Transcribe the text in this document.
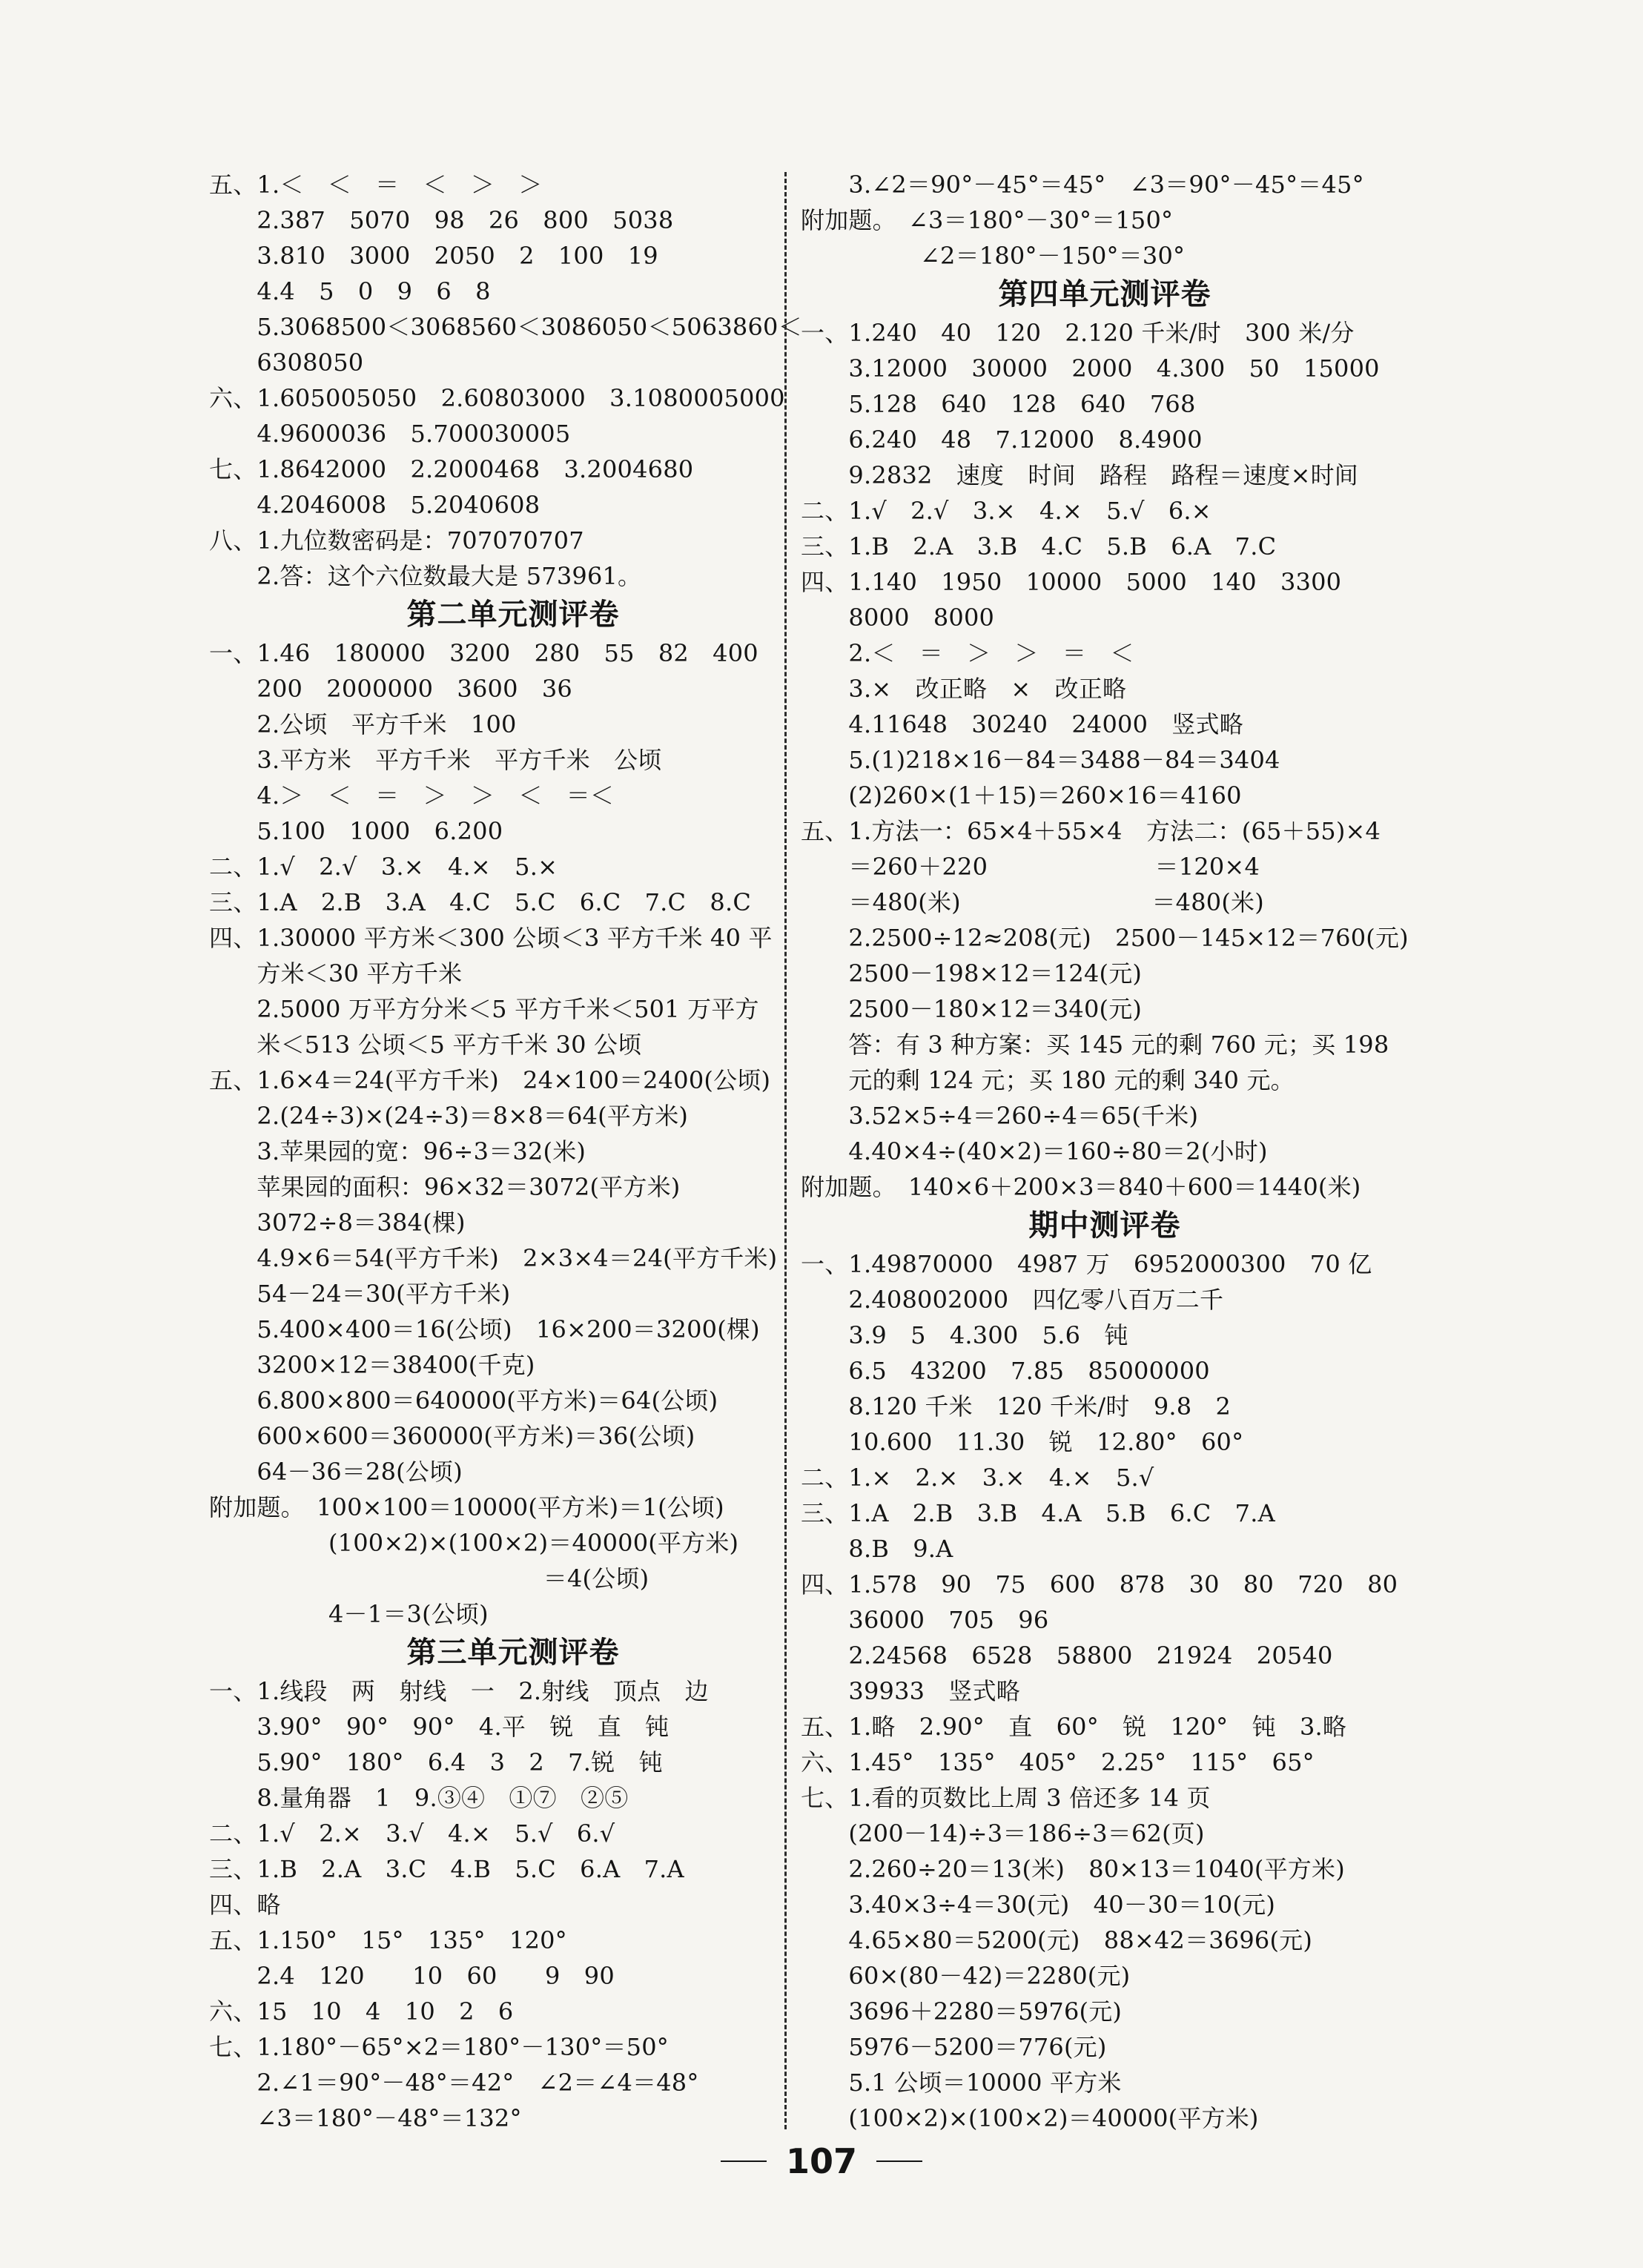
五、1.＜　＜　＝　＜　＞　＞
　　2.387　5070　98　26　800　5038
　　3.810　3000　2050　2　100　19
　　4.4　5　0　9　6　8
　　5.3068500＜3068560＜3086050＜5063860＜
　　6308050
六、1.605005050　2.60803000　3.1080005000
　　4.9600036　5.700030005
七、1.8642000　2.2000468　3.2004680
　　4.2046008　5.2040608
八、1.九位数密码是：707070707
　　2.答：这个六位数最大是 573961。
第二单元测评卷
一、1.46　180000　3200　280　55　82　400
　　200　2000000　3600　36
　　2.公顷　平方千米　100
　　3.平方米　平方千米　平方千米　公顷
　　4.＞　＜　＝　＞　＞　＜　＝＜
　　5.100　1000　6.200
二、1.√　2.√　3.×　4.×　5.×
三、1.A　2.B　3.A　4.C　5.C　6.C　7.C　8.C
四、1.30000 平方米＜300 公顷＜3 平方千米 40 平
　　方米＜30 平方千米
　　2.5000 万平方分米＜5 平方千米＜501 万平方
　　米＜513 公顷＜5 平方千米 30 公顷
五、1.6×4＝24(平方千米)　24×100＝2400(公顷)
　　2.(24÷3)×(24÷3)＝8×8＝64(平方米)
　　3.苹果园的宽：96÷3＝32(米)
　　苹果园的面积：96×32＝3072(平方米)
　　3072÷8＝384(棵)
　　4.9×6＝54(平方千米)　2×3×4＝24(平方千米)
　　54－24＝30(平方千米)
　　5.400×400＝16(公顷)　16×200＝3200(棵)
　　3200×12＝38400(千克)
　　6.800×800＝640000(平方米)＝64(公顷)
　　600×600＝360000(平方米)＝36(公顷)
　　64－36＝28(公顷)
附加题。　100×100＝10000(平方米)＝1(公顷)
　　　　　(100×2)×(100×2)＝40000(平方米)
　　　　　　　　　　　　　　＝4(公顷)
　　　　　4－1＝3(公顷)
第三单元测评卷
一、1.线段　两　射线　一　2.射线　顶点　边
　　3.90°　90°　90°　4.平　锐　直　钝
　　5.90°　180°　6.4　3　2　7.锐　钝
　　8.量角器　1　9.③④　①⑦　②⑤
二、1.√　2.×　3.√　4.×　5.√　6.√
三、1.B　2.A　3.C　4.B　5.C　6.A　7.A
四、略
五、1.150°　15°　135°　120°
　　2.4　120　　10　60　　9　90
六、15　10　4　10　2　6
七、1.180°－65°×2＝180°－130°＝50°
　　2.∠1＝90°－48°＝42°　∠2＝∠4＝48°
　　∠3＝180°－48°＝132°
　　3.∠2＝90°－45°＝45°　∠3＝90°－45°＝45°
附加题。　∠3＝180°－30°＝150°
　　　　　∠2＝180°－150°＝30°
第四单元测评卷
一、1.240　40　120　2.120 千米/时　300 米/分
　　3.12000　30000　2000　4.300　50　15000
　　5.128　640　128　640　768
　　6.240　48　7.12000　8.4900
　　9.2832　速度　时间　路程　路程＝速度×时间
二、1.√　2.√　3.×　4.×　5.√　6.×
三、1.B　2.A　3.B　4.C　5.B　6.A　7.C
四、1.140　1950　10000　5000　140　3300
　　8000　8000
　　2.＜　＝　＞　＞　＝　＜
　　3.×　改正略　×　改正略
　　4.11648　30240　24000　竖式略
　　5.(1)218×16－84＝3488－84＝3404
　　(2)260×(1＋15)＝260×16＝4160
五、1.方法一：65×4＋55×4　方法二：(65＋55)×4
　　＝260＋220　　　　　　　＝120×4
　　＝480(米)　　　　　　　　＝480(米)
　　2.2500÷12≈208(元)　2500－145×12＝760(元)
　　2500－198×12＝124(元)
　　2500－180×12＝340(元)
　　答：有 3 种方案：买 145 元的剩 760 元；买 198
　　元的剩 124 元；买 180 元的剩 340 元。
　　3.52×5÷4＝260÷4＝65(千米)
　　4.40×4÷(40×2)＝160÷80＝2(小时)
附加题。　140×6＋200×3＝840＋600＝1440(米)
期中测评卷
一、1.49870000　4987 万　6952000300　70 亿
　　2.408002000　四亿零八百万二千
　　3.9　5　4.300　5.6　钝
　　6.5　43200　7.85　85000000
　　8.120 千米　120 千米/时　9.8　2
　　10.600　11.30　锐　12.80°　60°
二、1.×　2.×　3.×　4.×　5.√
三、1.A　2.B　3.B　4.A　5.B　6.C　7.A
　　8.B　9.A
四、1.578　90　75　600　878　30　80　720　80
　　36000　705　96
　　2.24568　6528　58800　21924　20540
　　39933　竖式略
五、1.略　2.90°　直　60°　锐　120°　钝　3.略
六、1.45°　135°　405°　2.25°　115°　65°
七、1.看的页数比上周 3 倍还多 14 页
　　(200－14)÷3＝186÷3＝62(页)
　　2.260÷20＝13(米)　80×13＝1040(平方米)
　　3.40×3÷4＝30(元)　40－30＝10(元)
　　4.65×80＝5200(元)　88×42＝3696(元)
　　60×(80－42)＝2280(元)
　　3696＋2280＝5976(元)
　　5976－5200＝776(元)
　　5.1 公顷＝10000 平方米
　　(100×2)×(100×2)＝40000(平方米)
107
